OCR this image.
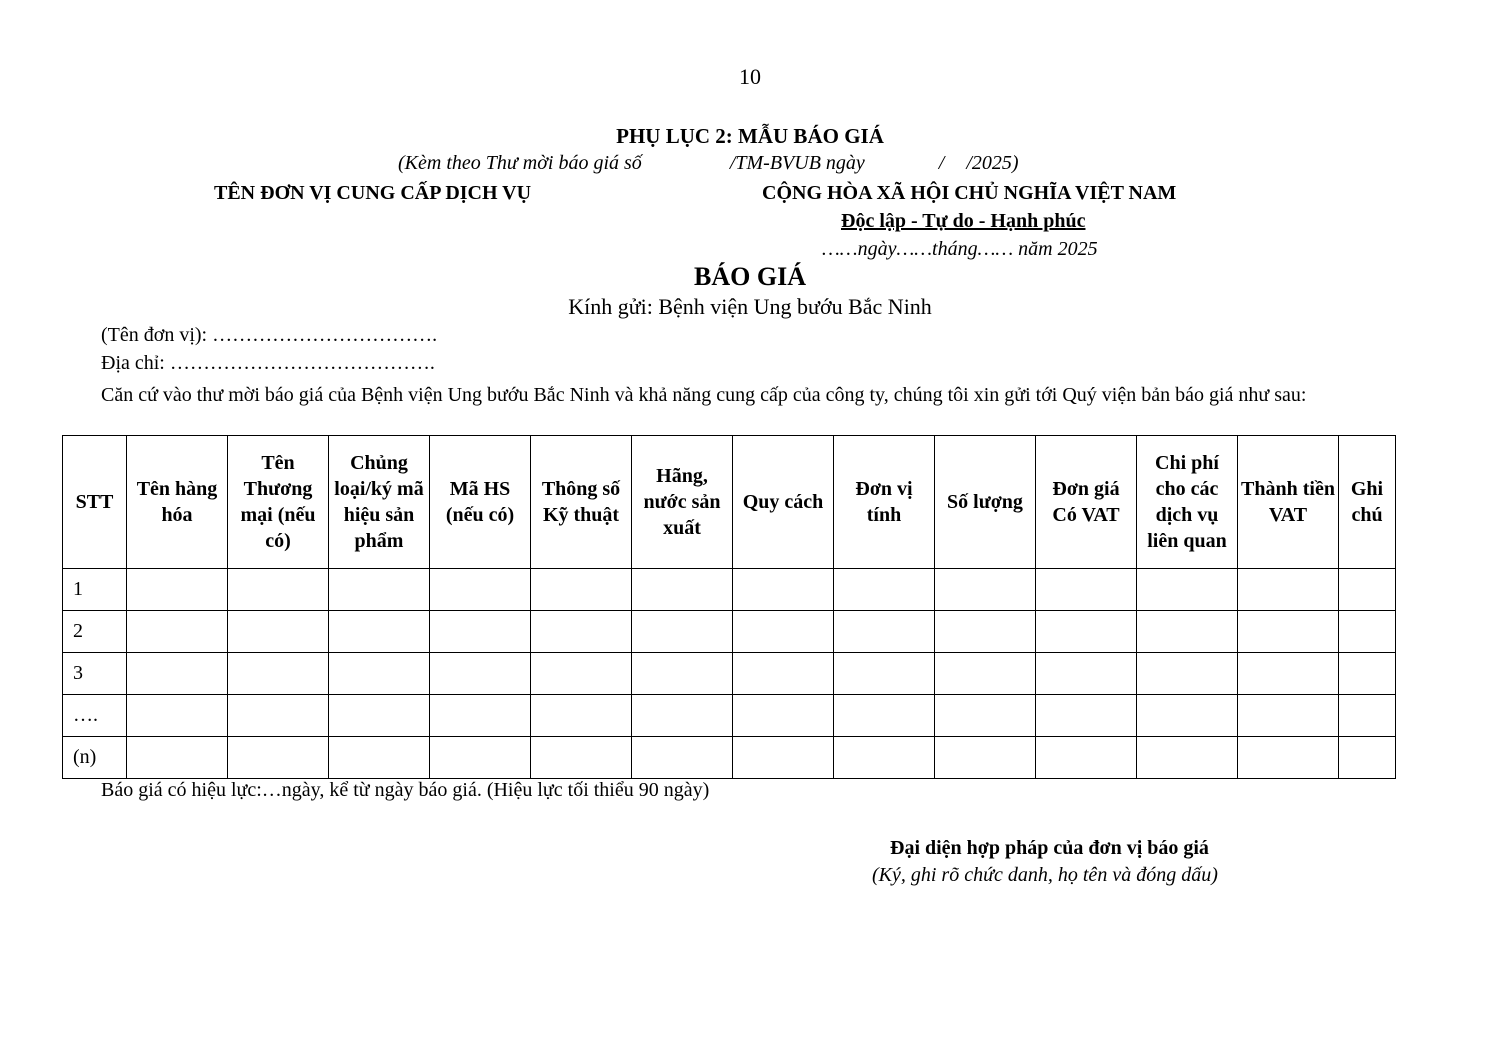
10
PHỤ LỤC 2: MẪU BÁO GIÁ
(Kèm theo Thư mời báo giá số	/TM-BVUB ngày	/ /2025)
TÊN ĐƠN VỊ CUNG CẤP DỊCH VỤ	CỘNG HÒA XÃ HỘI CHỦ NGHĨA VIỆT NAM
Độc lập - Tự do - Hạnh phúc
……ngày……tháng…… năm 2025
BÁO GIÁ
Kính gửi: Bệnh viện Ung bướu Bắc Ninh
(Tên đơn vị): …………………………….
Địa chỉ: ………………………………….
Căn cứ vào thư mời báo giá của Bệnh viện Ung bướu Bắc Ninh và khả năng cung cấp của công ty, chúng tôi xin gửi tới Quý viện bản báo giá như sau:
STT	Tên hàng hóa	Tên Thương mại (nếu có)	Chủng loại/ký mã hiệu sản phẩm	Mã HS (nếu có)	Thông số Kỹ thuật	Hãng, nước sản xuất	Quy cách	Đơn vị tính	Số lượng	Đơn giá Có VAT	Chi phí cho các dịch vụ liên quan	Thành tiền VAT	Ghi chú
1													
2													
3													
….													
(n)													
Báo giá có hiệu lực:…ngày, kể từ ngày báo giá. (Hiệu lực tối thiểu 90 ngày)
Đại diện hợp pháp của đơn vị báo giá
(Ký, ghi rõ chức danh, họ tên và đóng dấu)
